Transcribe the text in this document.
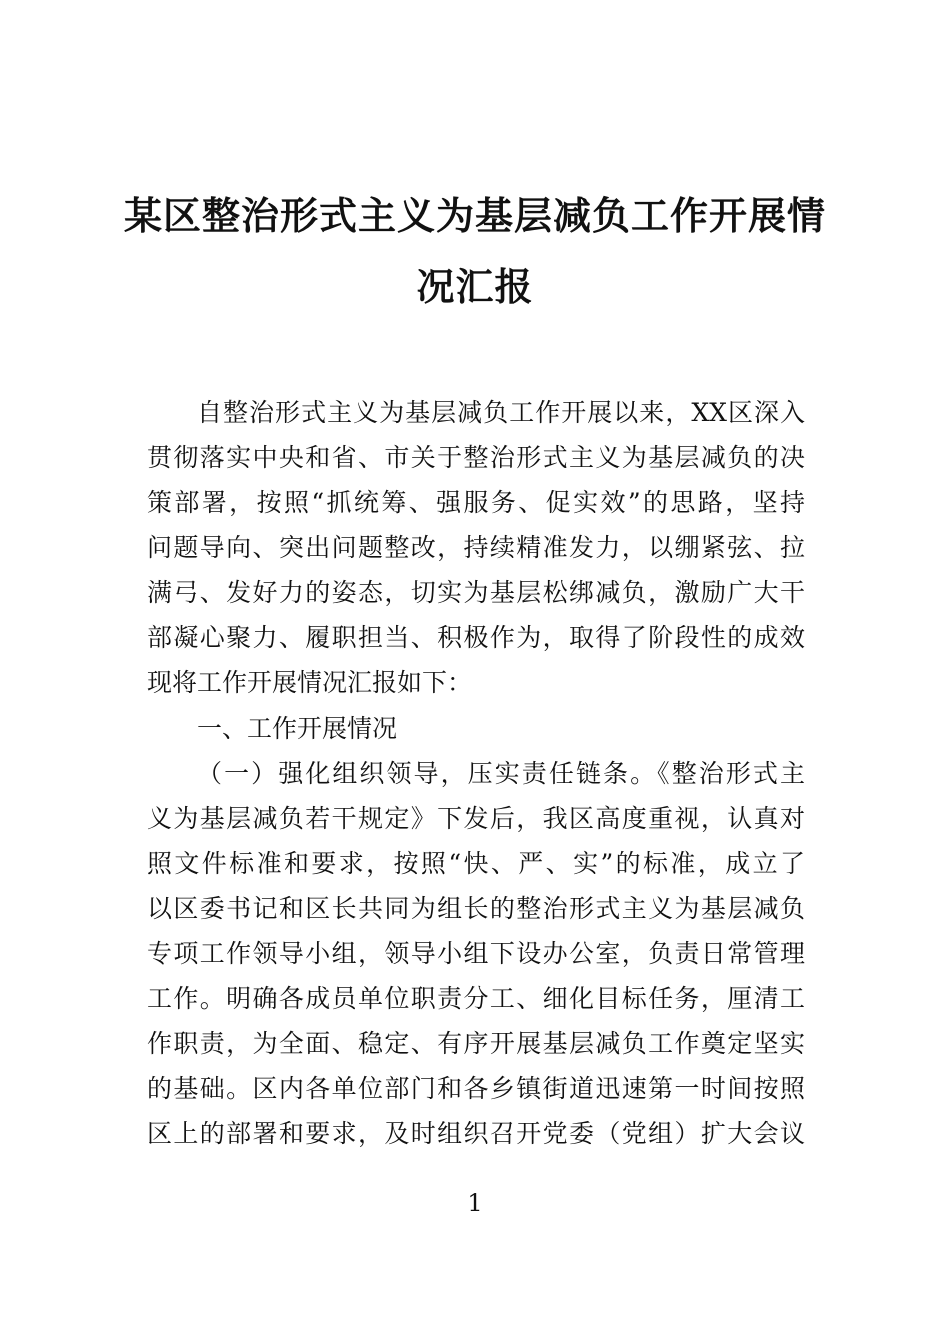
某区整治形式主义为基层减负工作开展情
况汇报
自整治形式主义为基层减负工作开展以来，XX区深入
贯彻落实中央和省、市关于整治形式主义为基层减负的决
策部署，按照“抓统筹、强服务、促实效”的思路，坚持
问题导向、突出问题整改，持续精准发力，以绷紧弦、拉
满弓、发好力的姿态，切实为基层松绑减负，激励广大干
部凝心聚力、履职担当、积极作为，取得了阶段性的成效
现将工作开展情况汇报如下：
一、工作开展情况
（一）强化组织领导，压实责任链条。《整治形式主
义为基层减负若干规定》下发后，我区高度重视，认真对
照文件标准和要求，按照“快、严、实”的标准，成立了
以区委书记和区长共同为组长的整治形式主义为基层减负
专项工作领导小组，领导小组下设办公室，负责日常管理
工作。明确各成员单位职责分工、细化目标任务，厘清工
作职责，为全面、稳定、有序开展基层减负工作奠定坚实
的基础。区内各单位部门和各乡镇街道迅速第一时间按照
区上的部署和要求，及时组织召开党委（党组）扩大会议
1
